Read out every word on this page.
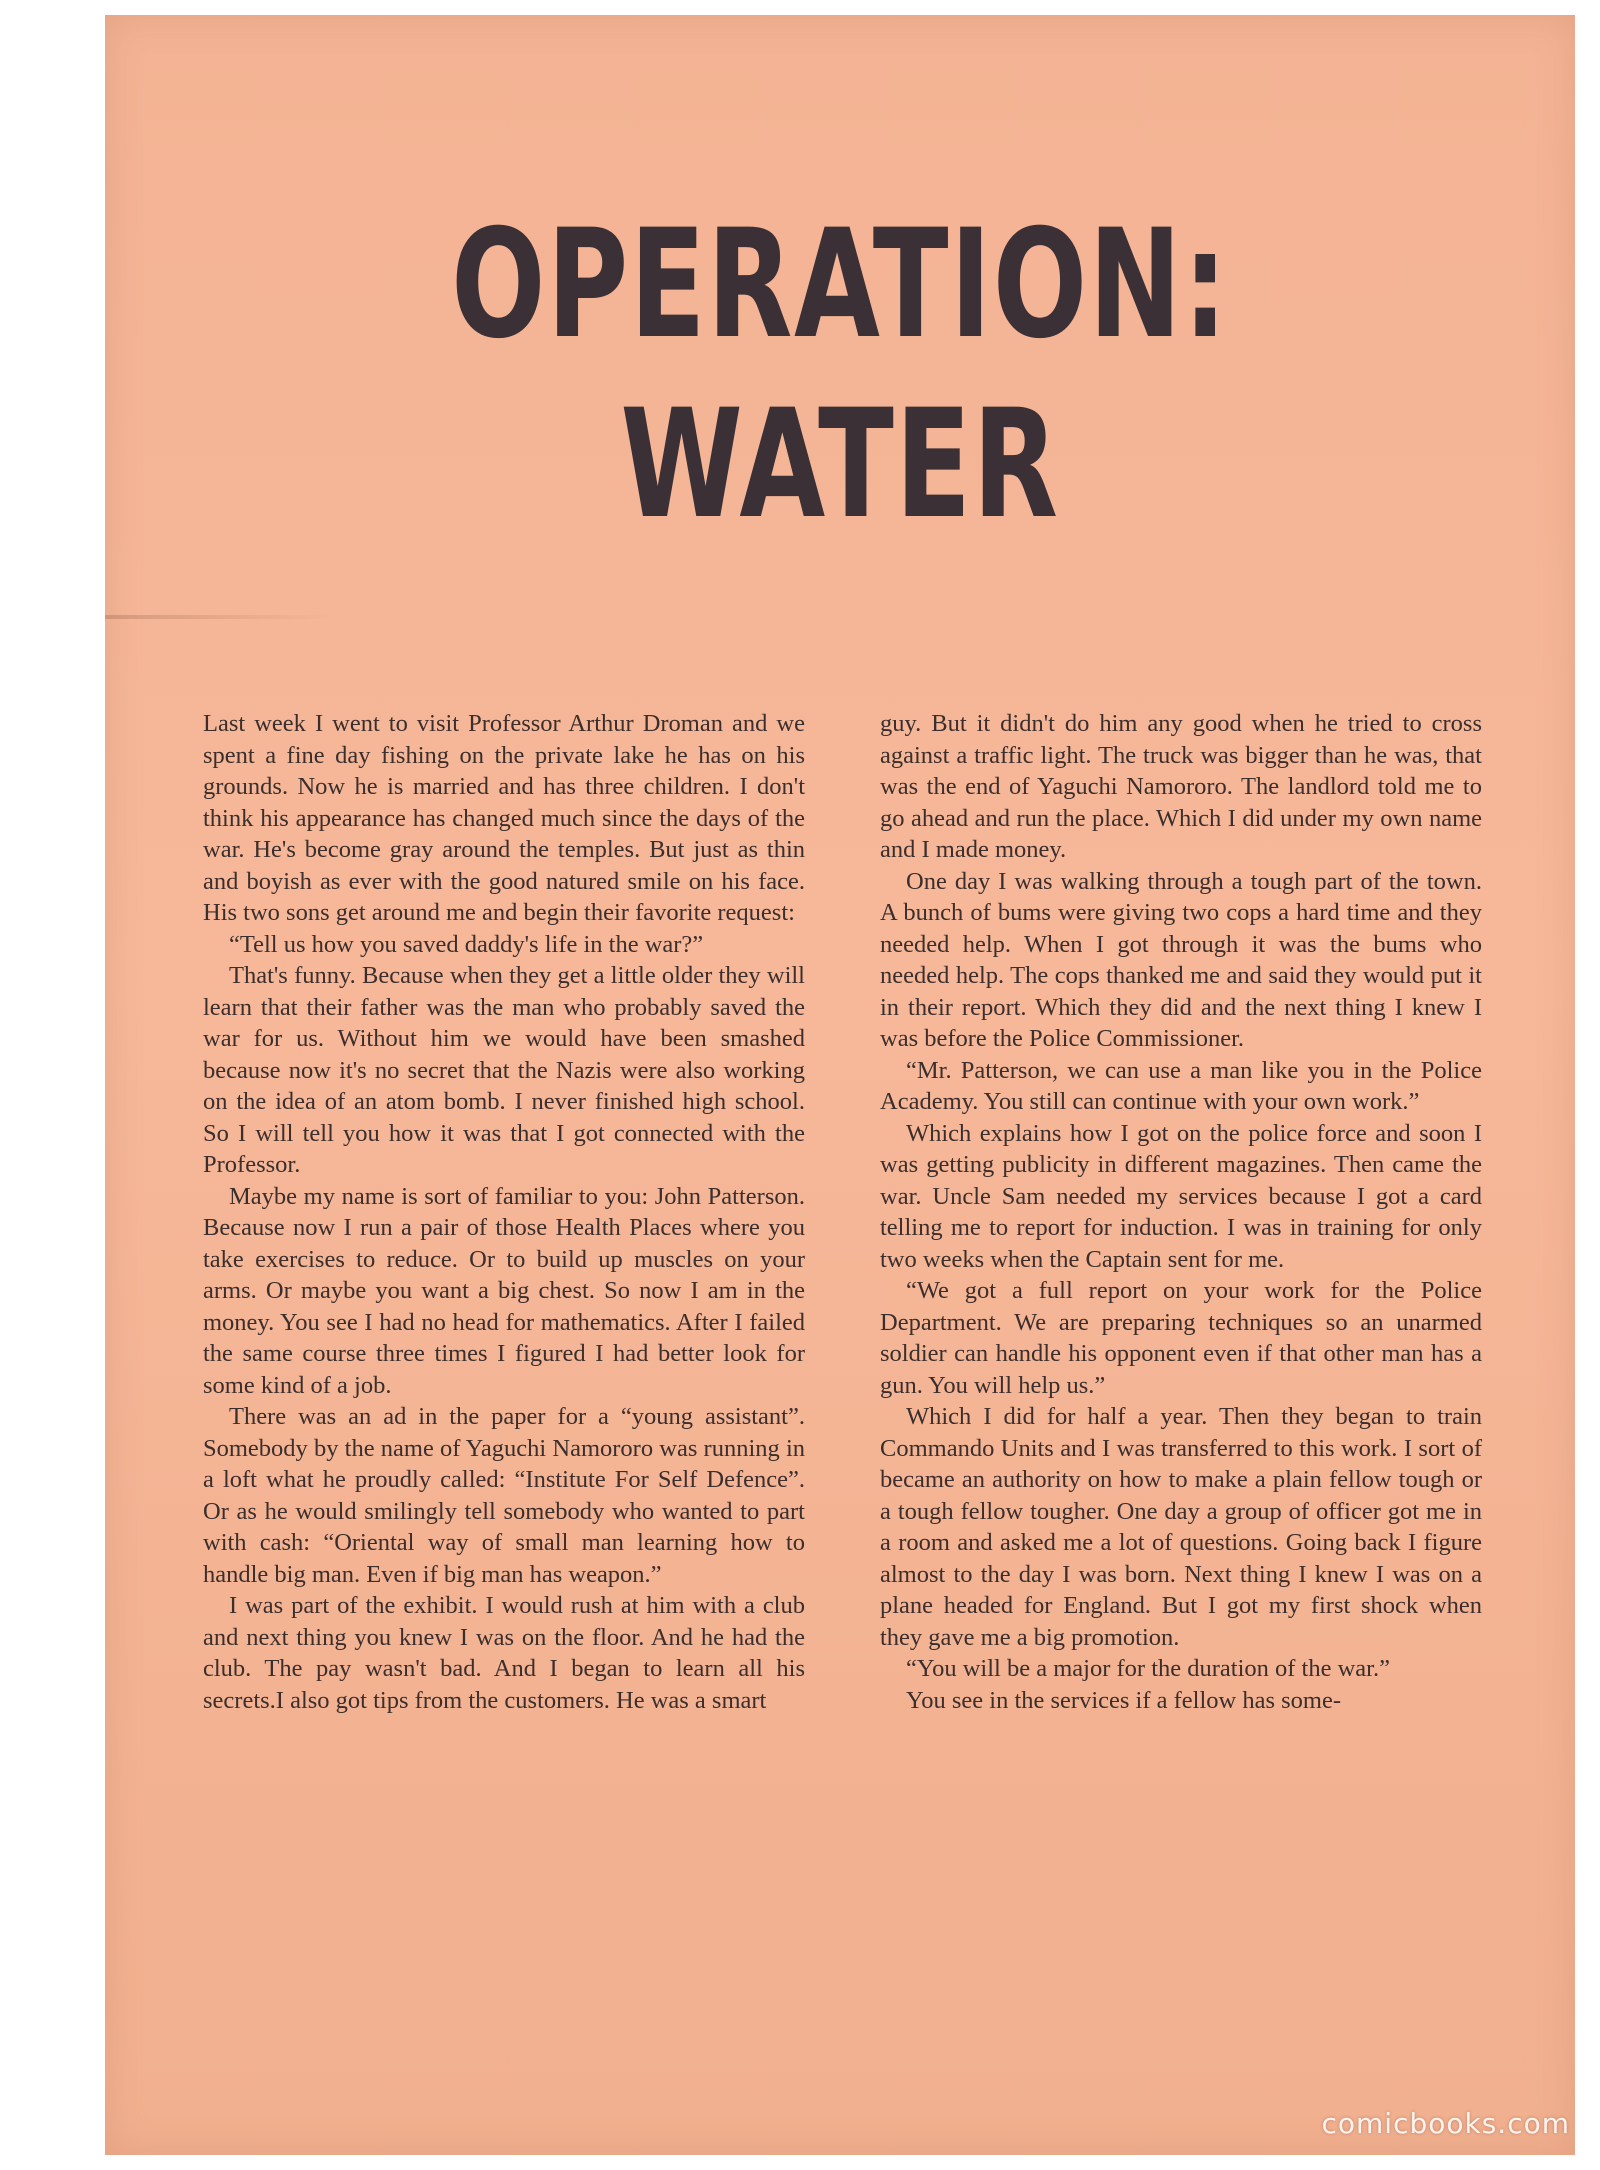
OPERATION:
WATER

Last week I went to visit Professor Arthur Droman and we spent a fine day fishing on the private lake he has on his grounds. Now he is married and has three children. I don't think his appearance has changed much since the days of the war. He's become gray around the temples. But just as thin and boyish as ever with the good natured smile on his face. His two sons get around me and begin their favorite request:

“Tell us how you saved daddy's life in the war?”

That's funny. Because when they get a little older they will learn that their father was the man who probably saved the war for us. Without him we would have been smashed because now it's no secret that the Nazis were also working on the idea of an atom bomb. I never finished high school. So I will tell you how it was that I got connected with the Professor.

Maybe my name is sort of familiar to you: John Patterson. Because now I run a pair of those Health Places where you take exercises to reduce. Or to build up muscles on your arms. Or maybe you want a big chest. So now I am in the money. You see I had no head for mathematics. After I failed the same course three times I figured I had better look for some kind of a job.

There was an ad in the paper for a “young assistant”. Somebody by the name of Yaguchi Namororo was running in a loft what he proudly called: “Institute For Self Defence”. Or as he would smilingly tell somebody who wanted to part with cash: “Oriental way of small man learning how to handle big man. Even if big man has weapon.”

I was part of the exhibit. I would rush at him with a club and next thing you knew I was on the floor. And he had the club. The pay wasn't bad. And I began to learn all his secrets.I also got tips from the customers. He was a smart

guy. But it didn't do him any good when he tried to cross against a traffic light. The truck was bigger than he was, that was the end of Yaguchi Namororo. The landlord told me to go ahead and run the place. Which I did under my own name and I made money.

One day I was walking through a tough part of the town. A bunch of bums were giving two cops a hard time and they needed help. When I got through it was the bums who needed help. The cops thanked me and said they would put it in their report. Which they did and the next thing I knew I was before the Police Commissioner.

“Mr. Patterson, we can use a man like you in the Police Academy. You still can continue with your own work.”

Which explains how I got on the police force and soon I was getting publicity in different magazines. Then came the war. Uncle Sam needed my services because I got a card telling me to report for induction. I was in training for only two weeks when the Captain sent for me.

“We got a full report on your work for the Police Department. We are preparing techniques so an unarmed soldier can handle his opponent even if that other man has a gun. You will help us.”

Which I did for half a year. Then they began to train Commando Units and I was transferred to this work. I sort of became an authority on how to make a plain fellow tough or a tough fellow tougher. One day a group of officer got me in a room and asked me a lot of questions. Going back I figure almost to the day I was born. Next thing I knew I was on a plane headed for England. But I got my first shock when they gave me a big promotion.

“You will be a major for the duration of the war.”

You see in the services if a fellow has some-

comicbooks.com
